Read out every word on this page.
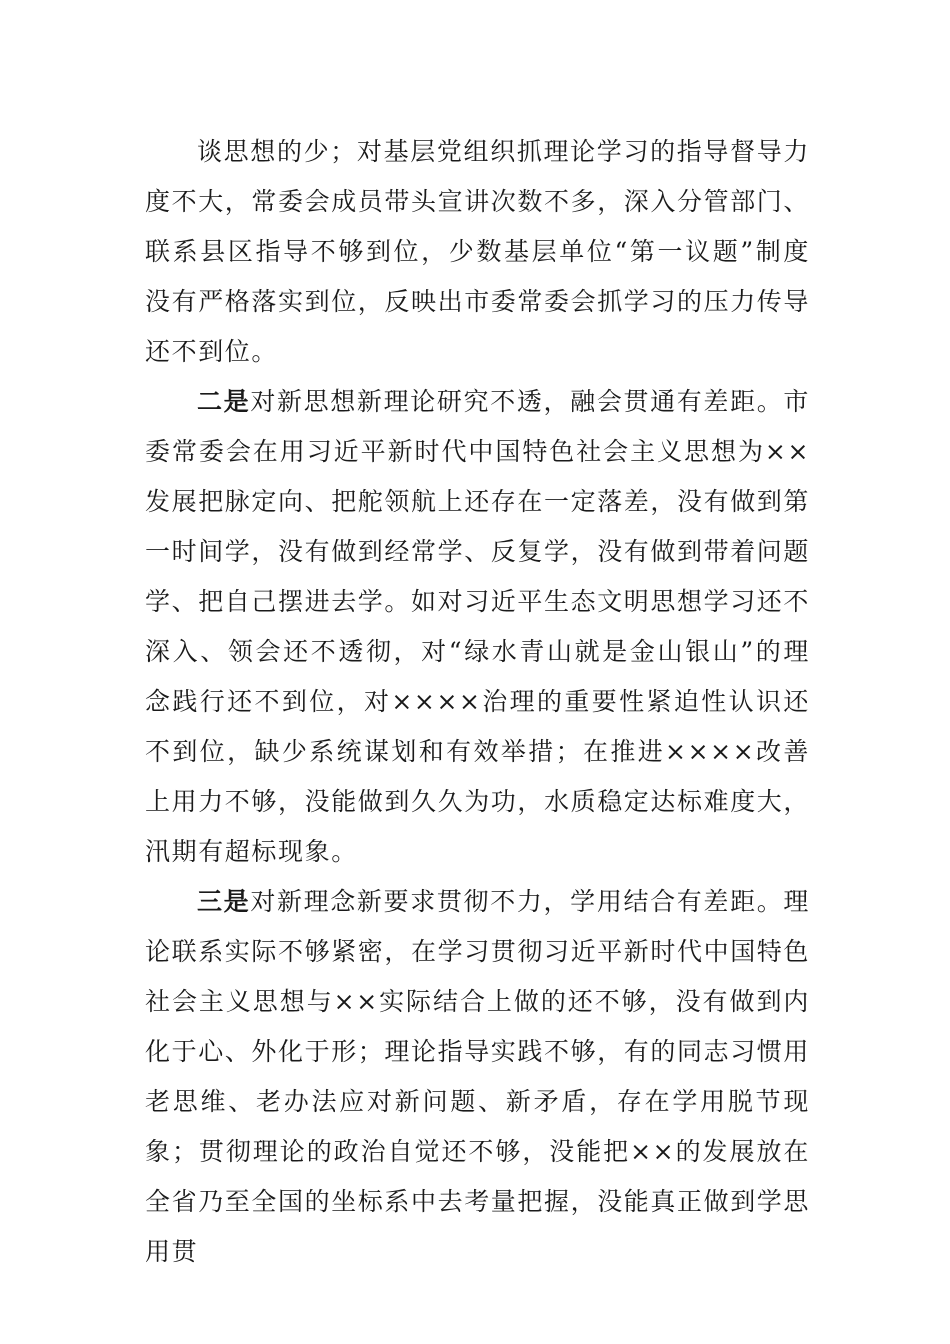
谈思想的少；对基层党组织抓理论学习的指导督导力度不大，常委会成员带头宣讲次数不多，深入分管部门、联系县区指导不够到位，少数基层单位“第一议题”制度没有严格落实到位，反映出市委常委会抓学习的压力传导还不到位。

二是对新思想新理论研究不透，融会贯通有差距。市委常委会在用习近平新时代中国特色社会主义思想为××发展把脉定向、把舵领航上还存在一定落差，没有做到第一时间学，没有做到经常学、反复学，没有做到带着问题学、把自己摆进去学。如对习近平生态文明思想学习还不深入、领会还不透彻，对“绿水青山就是金山银山”的理念践行还不到位，对××××治理的重要性紧迫性认识还不到位，缺少系统谋划和有效举措；在推进××××改善上用力不够，没能做到久久为功，水质稳定达标难度大，汛期有超标现象。

三是对新理念新要求贯彻不力，学用结合有差距。理论联系实际不够紧密，在学习贯彻习近平新时代中国特色社会主义思想与××实际结合上做的还不够，没有做到内化于心、外化于形；理论指导实践不够，有的同志习惯用老思维、老办法应对新问题、新矛盾，存在学用脱节现象；贯彻理论的政治自觉还不够，没能把××的发展放在全省乃至全国的坐标系中去考量把握，没能真正做到学思用贯
